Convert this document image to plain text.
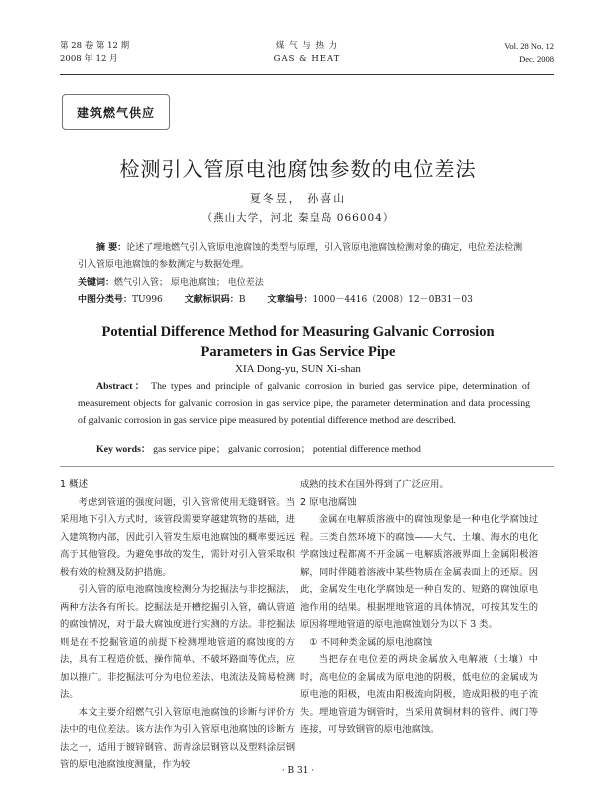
第 28 卷 第 12 期
2008 年 12 月
煤 气 与 热 力
GAS & HEAT
Vol. 28 No. 12
Dec. 2008
建筑燃气供应
检测引入管原电池腐蚀参数的电位差法
夏冬昱， 孙喜山
（燕山大学，河北 秦皇岛 066004）
摘 要：论述了埋地燃气引入管原电池腐蚀的类型与原理，引入管原电池腐蚀检测对象的确定，电位差法检测引入管原电池腐蚀的参数测定与数据处理。
关键词：燃气引入管； 原电池腐蚀； 电位差法
中图分类号：TU996 文献标识码：B 文章编号：1000－4416（2008）12－0B31－03
Potential Difference Method for Measuring Galvanic Corrosion
Parameters in Gas Service Pipe
XIA Dong-yu, SUN Xi-shan
Abstract： The types and principle of galvanic corrosion in buried gas service pipe, determination of measurement objects for galvanic corrosion in gas service pipe, the parameter determination and data processing of galvanic corrosion in gas service pipe measured by potential difference method are described.
Key words： gas service pipe； galvanic corrosion； potential difference method
1 概述

考虑到管道的强度问题，引入管常使用无缝钢管。当采用地下引入方式时，该管段需要穿越建筑物的基础，进入建筑物内部，因此引入管发生原电池腐蚀的概率要远远高于其他管段。为避免事故的发生，需针对引入管采取积极有效的检测及防护措施。

引入管的原电池腐蚀度检测分为挖掘法与非挖掘法，两种方法各有所长。挖掘法是开槽挖掘引入管，确认管道的腐蚀情况，对于最大腐蚀度进行实测的方法。非挖掘法则是在不挖掘管道的前提下检测埋地管道的腐蚀度的方法，具有工程造价低、操作简单、不破坏路面等优点，应加以推广。非挖掘法可分为电位差法、电流法及简易检测法。

本文主要介绍燃气引入管原电池腐蚀的诊断与评价方法中的电位差法。该方法作为引入管原电池腐蚀的诊断方法之一，适用于镀锌钢管、沥青涂层钢管以及塑料涂层钢管的原电池腐蚀度测量，作为较

成熟的技术在国外得到了广泛应用。

2 原电池腐蚀

金属在电解质溶液中的腐蚀现象是一种电化学腐蚀过程。三类自然环境下的腐蚀——大气、土壤、海水的电化学腐蚀过程都离不开金属－电解质溶液界面上金属阳极溶解，同时伴随着溶液中某些物质在金属表面上的还原。因此，金属发生电化学腐蚀是一种自发的、短路的腐蚀原电池作用的结果。根据埋地管道的具体情况，可按其发生的原因将埋地管道的原电池腐蚀划分为以下 3 类。

① 不同种类金属的原电池腐蚀

当把存在电位差的两块金属放入电解液（土壤）中时，高电位的金属成为原电池的阴极，低电位的金属成为原电池的阳极，电流由阳极流向阴极，造成阳极的电子流失。埋地管道为钢管时，当采用黄铜材料的管件、阀门等连接，可导致钢管的原电池腐蚀。

· B 31 ·
